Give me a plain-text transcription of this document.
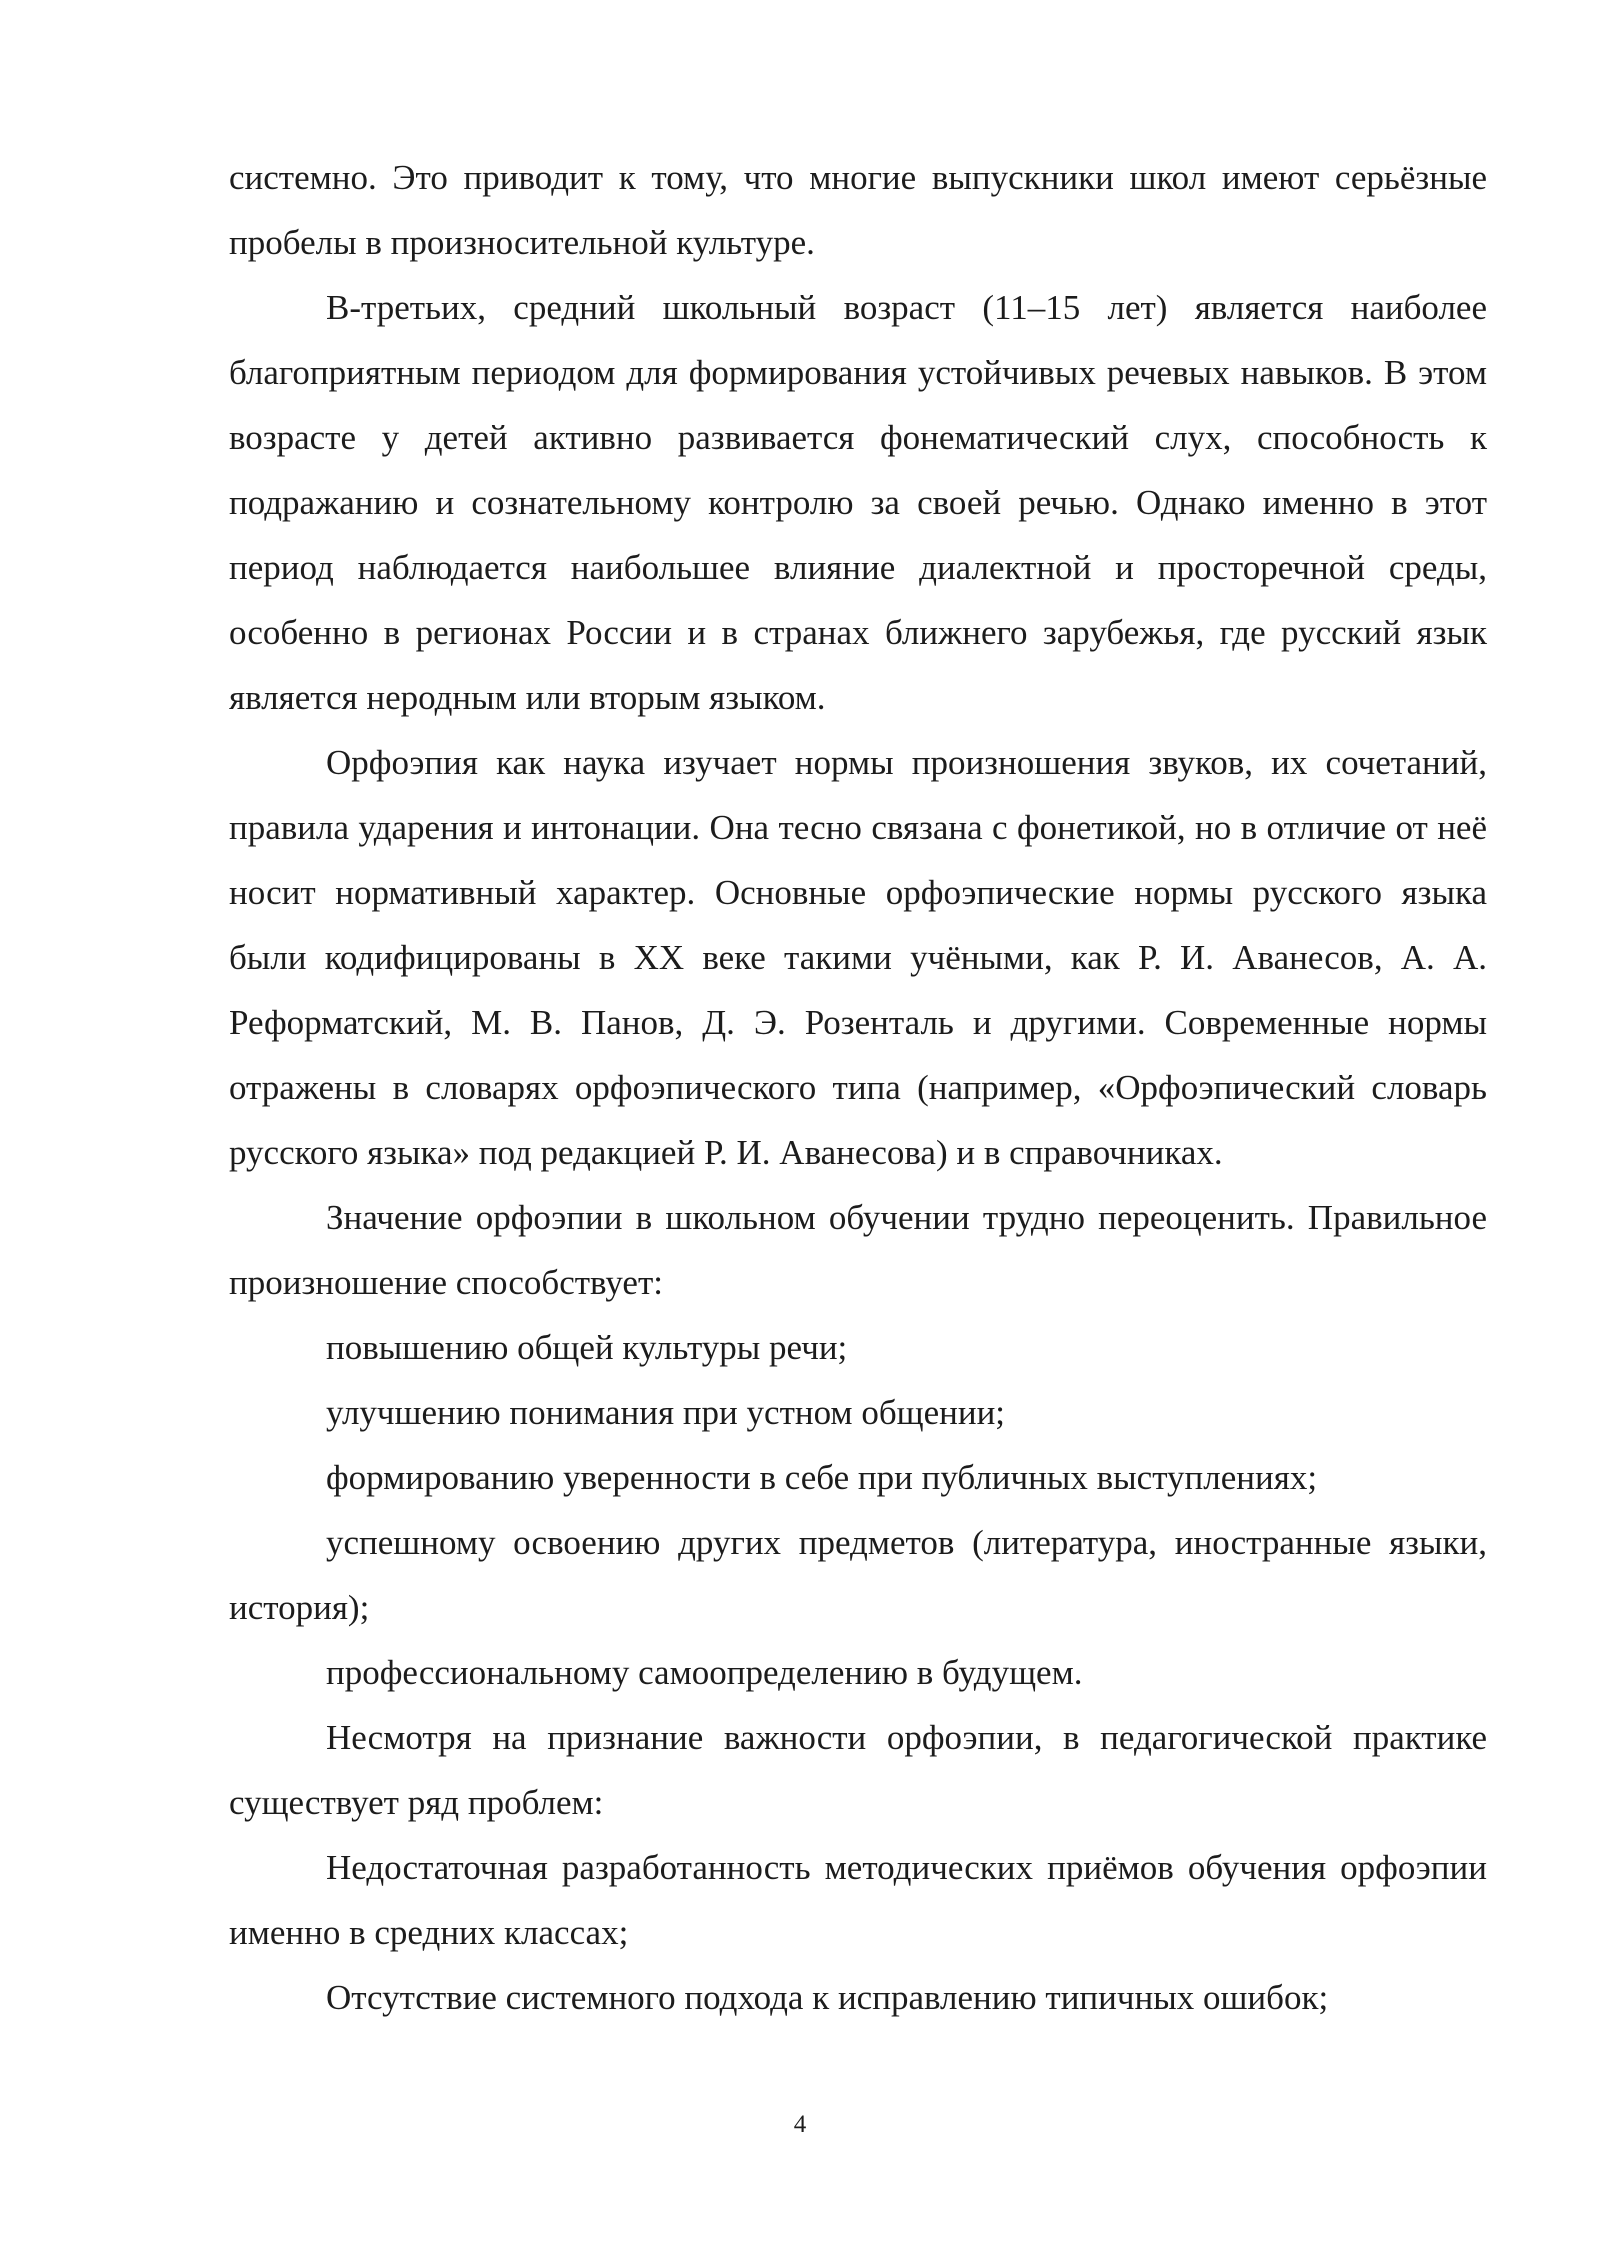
системно. Это приводит к тому, что многие выпускники школ имеют серьёзные пробелы в произносительной культуре.

В-третьих, средний школьный возраст (11–15 лет) является наиболее благоприятным периодом для формирования устойчивых речевых навыков. В этом возрасте у детей активно развивается фонематический слух, способность к подражанию и сознательному контролю за своей речью. Однако именно в этот период наблюдается наибольшее влияние диалектной и просторечной среды, особенно в регионах России и в странах ближнего зарубежья, где русский язык является неродным или вторым языком.

Орфоэпия как наука изучает нормы произношения звуков, их сочетаний, правила ударения и интонации. Она тесно связана с фонетикой, но в отличие от неё носит нормативный характер. Основные орфоэпические нормы русского языка были кодифицированы в XX веке такими учёными, как Р. И. Аванесов, А. А. Реформатский, М. В. Панов, Д. Э. Розенталь и другими. Современные нормы отражены в словарях орфоэпического типа (например, «Орфоэпический словарь русского языка» под редакцией Р. И. Аванесова) и в справочниках.

Значение орфоэпии в школьном обучении трудно переоценить. Правильное произношение способствует:

повышению общей культуры речи;

улучшению понимания при устном общении;

формированию уверенности в себе при публичных выступлениях;

успешному освоению других предметов (литература, иностранные языки, история);

профессиональному самоопределению в будущем.

Несмотря на признание важности орфоэпии, в педагогической практике существует ряд проблем:

Недостаточная разработанность методических приёмов обучения орфоэпии именно в средних классах;

Отсутствие системного подхода к исправлению типичных ошибок;

4
